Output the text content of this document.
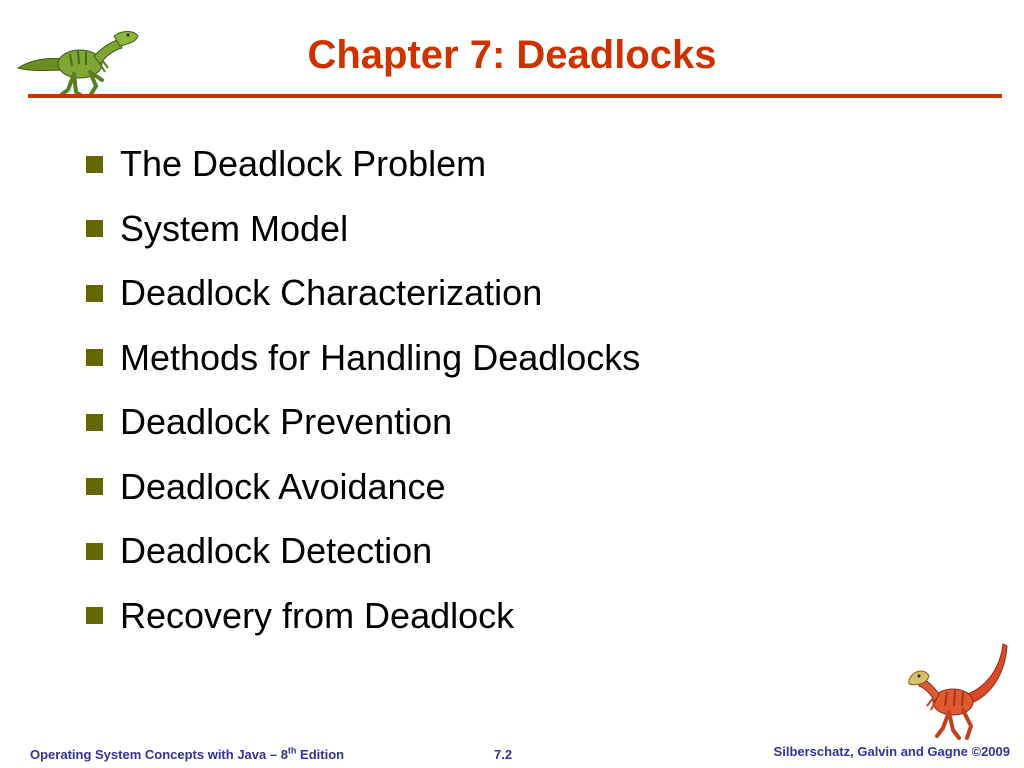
Chapter 7: Deadlocks
The Deadlock Problem
System Model
Deadlock Characterization
Methods for Handling Deadlocks
Deadlock Prevention
Deadlock Avoidance
Deadlock Detection
Recovery from Deadlock
Operating System Concepts with Java – 8th Edition	7.2	Silberschatz, Galvin and Gagne ©2009
